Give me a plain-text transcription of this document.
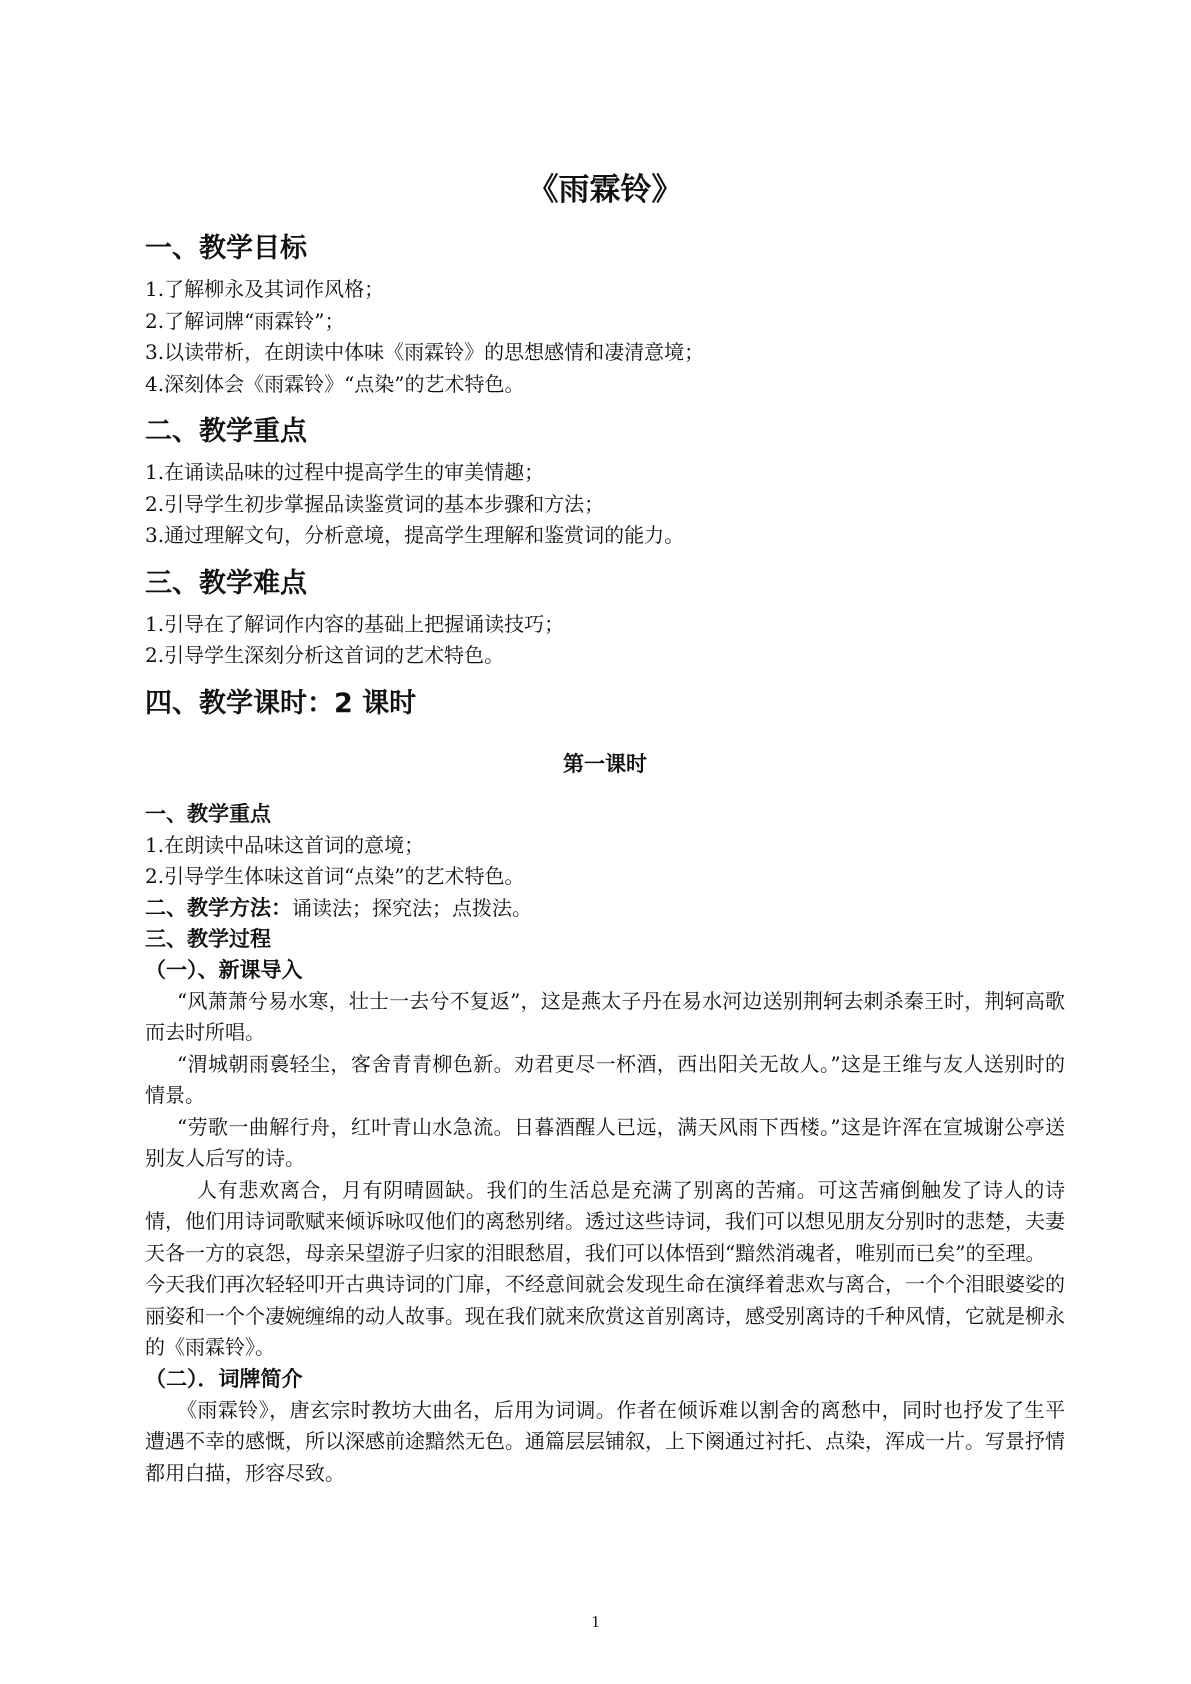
《雨霖铃》
一、教学目标
1.了解柳永及其词作风格；
2.了解词牌“雨霖铃”；
3.以读带析，在朗读中体味《雨霖铃》的思想感情和凄清意境；
4.深刻体会《雨霖铃》“点染”的艺术特色。
二、教学重点
1.在诵读品味的过程中提高学生的审美情趣；
2.引导学生初步掌握品读鉴赏词的基本步骤和方法；
3.通过理解文句，分析意境，提高学生理解和鉴赏词的能力。
三、教学难点
1.引导在了解词作内容的基础上把握诵读技巧；
2.引导学生深刻分析这首词的艺术特色。
四、教学课时：2 课时
第一课时
一、教学重点
1.在朗读中品味这首词的意境；
2.引导学生体味这首词“点染”的艺术特色。
二、教学方法：诵读法；探究法；点拨法。
三、教学过程
（一）、新课导入
“风萧萧兮易水寒，壮士一去兮不复返”，这是燕太子丹在易水河边送别荆轲去刺杀秦王时，荆轲高歌而去时所唱。
“渭城朝雨裛轻尘，客舍青青柳色新。劝君更尽一杯酒，西出阳关无故人。”这是王维与友人送别时的情景。
“劳歌一曲解行舟，红叶青山水急流。日暮酒醒人已远，满天风雨下西楼。”这是许浑在宣城谢公亭送别友人后写的诗。
人有悲欢离合，月有阴晴圆缺。我们的生活总是充满了别离的苦痛。可这苦痛倒触发了诗人的诗情，他们用诗词歌赋来倾诉咏叹他们的离愁别绪。透过这些诗词，我们可以想见朋友分别时的悲楚，夫妻天各一方的哀怨，母亲呆望游子归家的泪眼愁眉，我们可以体悟到“黯然消魂者，唯别而已矣”的至理。
今天我们再次轻轻叩开古典诗词的门扉，不经意间就会发现生命在演绎着悲欢与离合，一个个泪眼婆娑的丽姿和一个个凄婉缠绵的动人故事。现在我们就来欣赏这首别离诗，感受别离诗的千种风情，它就是柳永的《雨霖铃》。
（二）．词牌简介
《雨霖铃》，唐玄宗时教坊大曲名，后用为词调。作者在倾诉难以割舍的离愁中，同时也抒发了生平遭遇不幸的感慨，所以深感前途黯然无色。通篇层层铺叙，上下阕通过衬托、点染，浑成一片。写景抒情都用白描，形容尽致。
1
